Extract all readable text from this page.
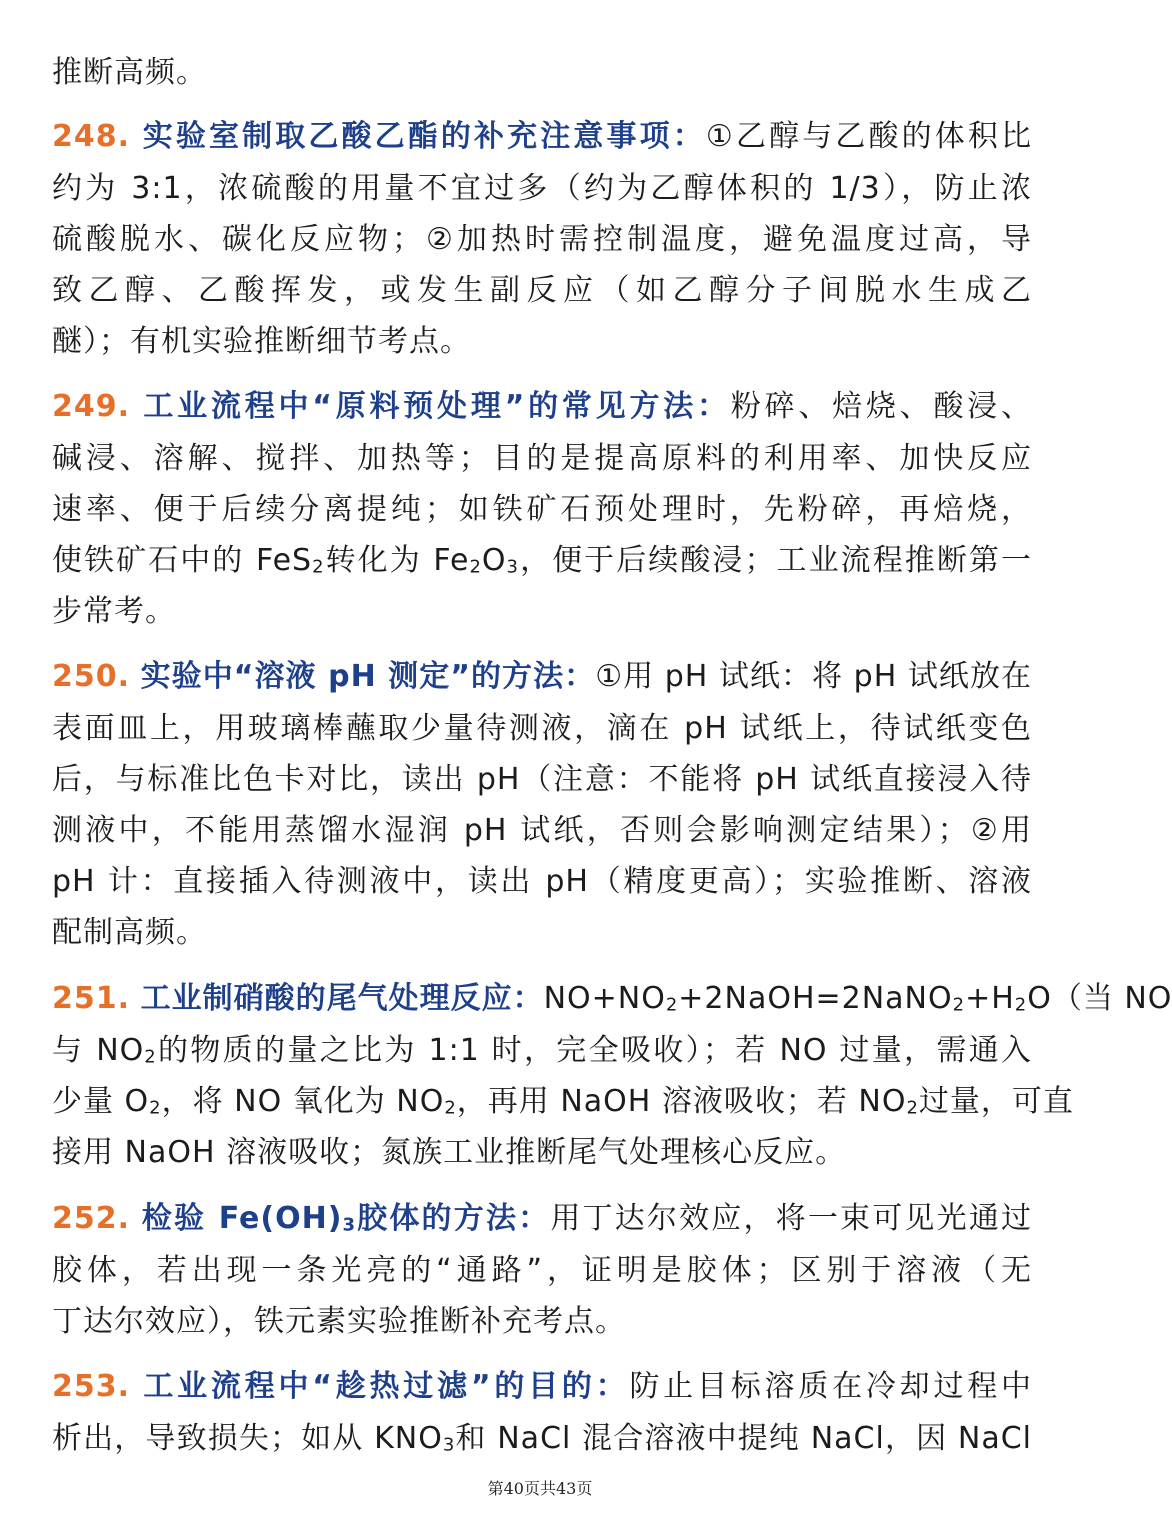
推断高频。
248. 实验室制取乙酸乙酯的补充注意事项：①乙醇与乙酸的体积比
约为 3:1，浓硫酸的用量不宜过多（约为乙醇体积的 1/3），防止浓
硫酸脱水、碳化反应物；②加热时需控制温度，避免温度过高，导
致乙醇、乙酸挥发，或发生副反应（如乙醇分子间脱水生成乙
醚）；有机实验推断细节考点。
249. 工业流程中“原料预处理”的常见方法：粉碎、焙烧、酸浸、
碱浸、溶解、搅拌、加热等；目的是提高原料的利用率、加快反应
速率、便于后续分离提纯；如铁矿石预处理时，先粉碎，再焙烧，
使铁矿石中的 FeS$_2$转化为 $Fe_2O_3$，便于后续酸浸；工业流程推断第一
步常考。
250. 实验中“溶液 pH 测定”的方法：①用 pH 试纸：将 pH 试纸放在
表面皿上，用玻璃棒蘸取少量待测液，滴在 pH 试纸上，待试纸变色
后，与标准比色卡对比，读出 pH（注意：不能将 pH 试纸直接浸入待
测液中，不能用蒸馏水湿润 pH 试纸，否则会影响测定结果）；②用
pH 计：直接插入待测液中，读出 pH（精度更高）；实验推断、溶液
配制高频。
251. 工业制硝酸的尾气处理反应：$NO+NO_2+2NaOH=2NaNO_2+H_2O$（当 NO
与 $NO_2$的物质的量之比为 1:1 时，完全吸收）；若 NO 过量，需通入
少量 $O_2$，将 NO 氧化为 $NO_2$，再用 NaOH 溶液吸收；若 $NO_2$过量，可直
接用 NaOH 溶液吸收；氮族工业推断尾气处理核心反应。
252. 检验 $Fe(OH)_3$胶体的方法：用丁达尔效应，将一束可见光通过
胶体，若出现一条光亮的“通路”，证明是胶体；区别于溶液（无
丁达尔效应），铁元素实验推断补充考点。
253. 工业流程中“趁热过滤”的目的：防止目标溶质在冷却过程中
析出，导致损失；如从 $KNO_3$和 NaCl 混合溶液中提纯 NaCl，因 NaCl
第40页共43页
